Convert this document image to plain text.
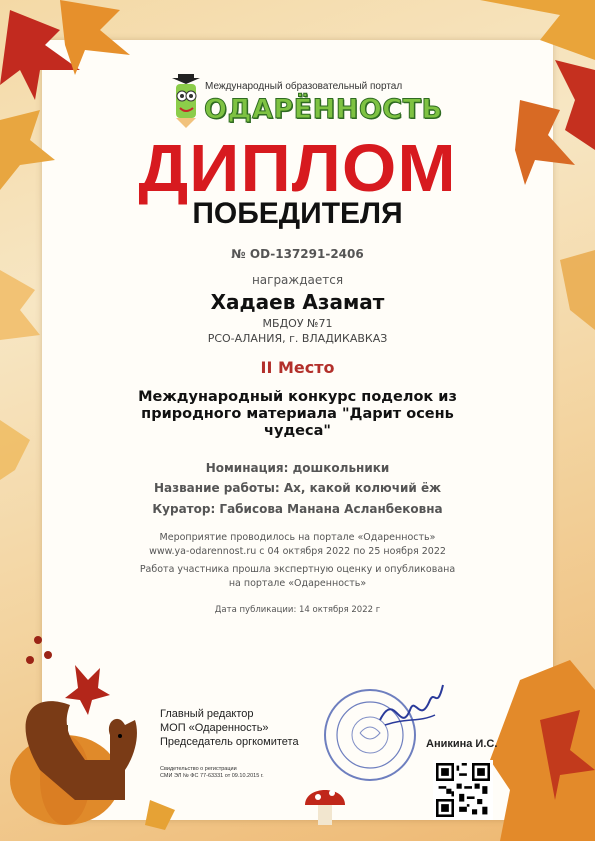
Международный образовательный портал
ОДАРЁННОСТЬ
ДИПЛОМ
ПОБЕДИТЕЛЯ
№ OD-137291-2406
награждается
Хадаев Азамат
МБДОУ №71
РСО-АЛАНИЯ, г. ВЛАДИКАВКАЗ
II Место
Международный конкурс поделок из природного материала "Дарит осень чудеса"
Номинация: дошкольники
Название работы: Ах, какой колючий ёж
Куратор: Габисова Манана Асланбековна
Мероприятие проводилось на портале «Одаренность»
www.ya-odarennost.ru с 04 октября 2022 по 25 ноября 2022
Работа участника прошла экспертную оценку и опубликована
на портале «Одаренность»
Дата публикации: 14 октября 2022 г
Главный редактор
МОП «Одаренность»
Председатель оргкомитета
Свидетельство о регистрации
СМИ ЭЛ № ФС 77-63331 от 09.10.2015 г.
Аникина И.С.
